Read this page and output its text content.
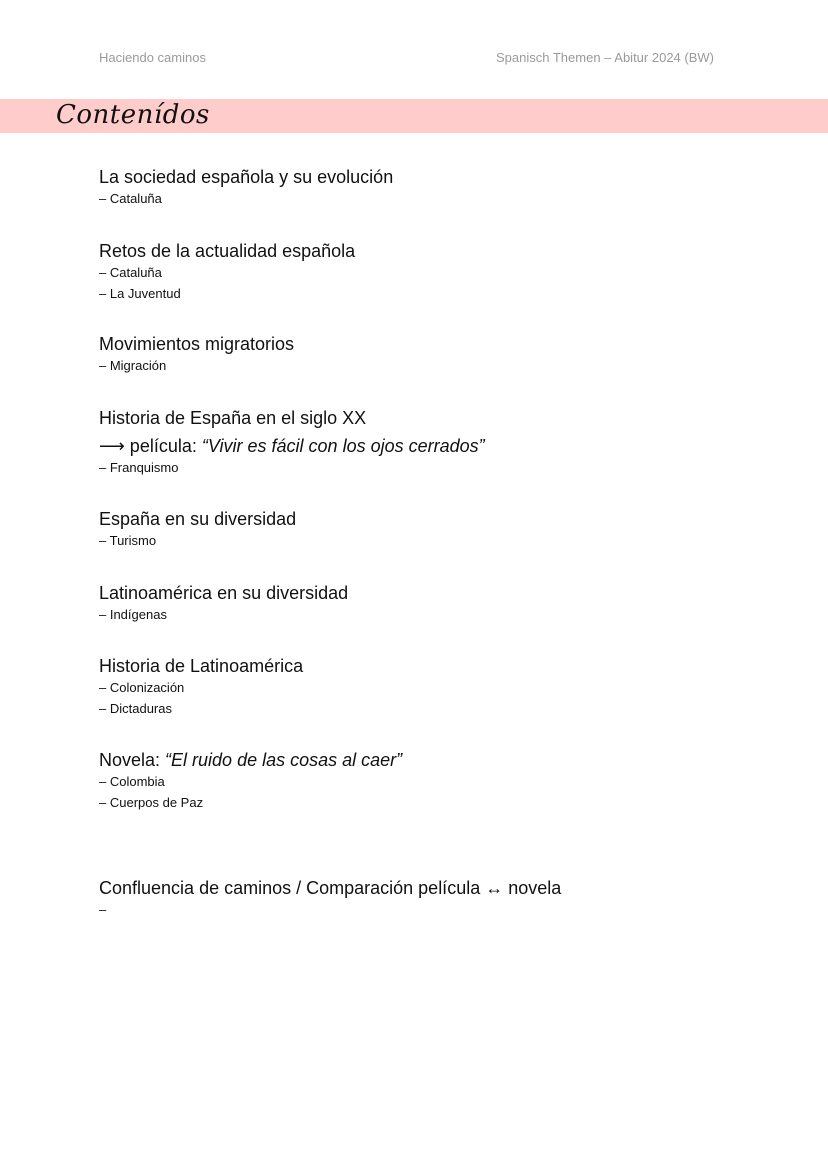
Haciendo caminos	Spanisch Themen – Abitur 2024 (BW)
Contenídos
La sociedad española y su evolución
– Cataluña
Retos de la actualidad española
– Cataluña
– La Juventud
Movimientos migratorios
– Migración
Historia de España en el siglo XX
⟶ película: “Vivir es fácil con los ojos cerrados”
– Franquismo
España en su diversidad
– Turismo
Latinoamérica en su diversidad
– Indígenas
Historia de Latinoamérica
– Colonización
– Dictaduras
Novela: “El ruido de las cosas al caer”
– Colombia
– Cuerpos de Paz
Confluencia de caminos / Comparación película ↔ novela
–
